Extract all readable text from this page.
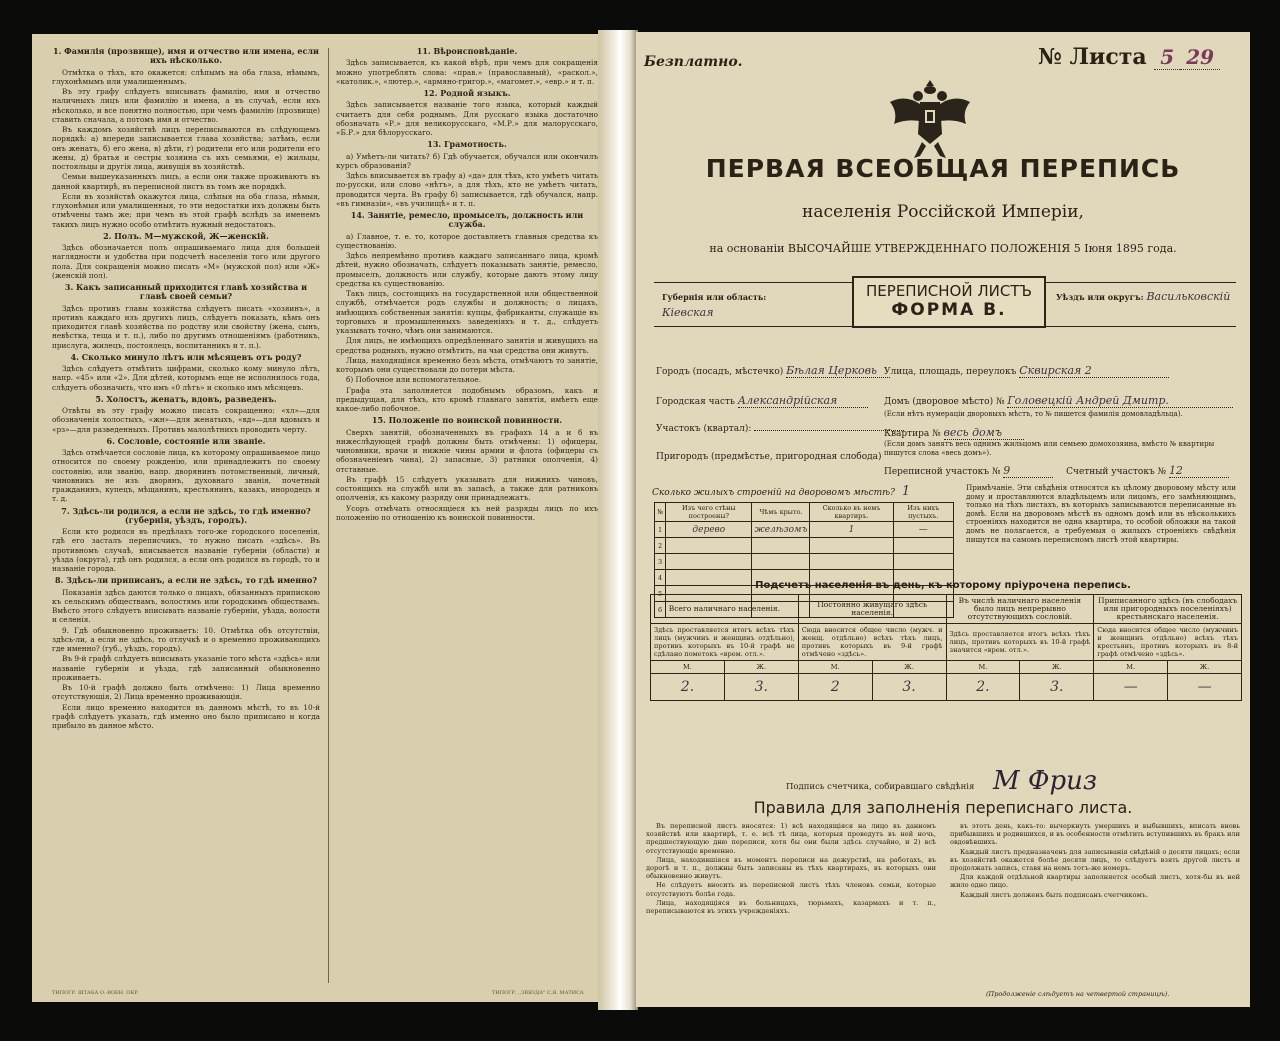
1. Фамилія (прозвище), имя и отчество или имена, если ихъ нѣсколько.

Отмѣтка о тѣхъ, кто окажется: слѣпымъ на оба глаза, нѣмымъ, глухонѣмымъ или умалишеннымъ.

Въ эту графу слѣдуетъ вписывать фамилію, имя и отчество наличныхъ лицъ или фамилію и имена, а въ случаѣ, если ихъ нѣсколько, и все понятно полностью, при чемъ фамилію (прозвище) ставить сначала, а потомъ имя и отчество.

Въ каждомъ хозяйствѣ лицъ переписываются въ слѣдующемъ порядкѣ: а) впереди записывается глава хозяйства; затѣмъ, если онъ женатъ, б) его жена, в) дѣти, г) родители его или родители его жены, д) братья и сестры хозяина съ ихъ семьями, е) жильцы, постояльцы и другія лица, живущія въ хозяйствѣ.

Семьи вышеуказанныхъ лицъ, а если они также проживаютъ въ данной квартирѣ, въ переписной листъ въ томъ же порядкѣ.

Если въ хозяйствѣ окажутся лица, слѣпыя на оба глаза, нѣмыя, глухонѣмыя или умалишенныя, то эти недостатки ихъ должны быть отмѣчены тамъ же; при чемъ въ этой графѣ вслѣдъ за именемъ такихъ лицъ нужно особо отмѣтить нужный недостатокъ.

2. Полъ. М—мужской, Ж—женскій.

Здѣсь обозначается полъ опрашиваемаго лица для большей наглядности и удобства при подсчетѣ населенія того или другого пола. Для сокращенія можно писать «М» (мужской пол) или «Ж» (женскій пол).

3. Какъ записанный приходится главѣ хозяйства и главѣ своей семьи?

Здѣсь противъ главы хозяйства слѣдуетъ писать «хозяинъ», а противъ каждаго изъ другихъ лицъ, слѣдуетъ показать, кѣмъ онъ приходится главѣ хозяйства по родству или свойству (жена, сынъ, невѣстка, теща и т. п.), либо по другимъ отношеніямъ (работникъ, прислуга, жилецъ, постоялецъ, воспитанникъ и т. п.).

4. Сколько минуло лѣтъ или мѣсяцевъ отъ роду?

Здѣсь слѣдуетъ отмѣтить цифрами, сколько кому минуло лѣтъ, напр. «45» или «2». Для дѣтей, которымъ еще не исполнилось года, слѣдуетъ обозначить, что имъ «0 лѣтъ» и сколько имъ мѣсяцевъ.

5. Холостъ, женатъ, вдовъ, разведенъ.

Отвѣты въ эту графу можно писать сокращенно: «хл»—для обозначенія холостыхъ, «жн»—для женатыхъ, «вд»—для вдовыхъ и «рз»—для разведенныхъ. Противъ малолѣтнихъ проводить черту.

6. Сословіе, состояніе или званіе.

Здѣсь отмѣчается сословіе лица, къ которому опрашиваемое лицо относится по своему рожденію, или принадлежитъ по своему состоянію, или званію, напр. дворянинъ потомственный, личный, чиновникъ не изъ дворянъ, духовнаго званія, почетный гражданинъ, купецъ, мѣщанинъ, крестьянинъ, казакъ, инородецъ и т. д.

7. Здѣсь-ли родился, а если не здѣсь, то гдѣ именно? (губернія, уѣздъ, городъ).

Если кто родился въ предѣлахъ того-же городского поселенія, гдѣ его засталъ переписчикъ, то нужно писать «здѣсь». Въ противномъ случаѣ, вписывается названіе губерніи (области) и уѣзда (округа), гдѣ онъ родился, а если онъ родился въ городѣ, то и названіе города.

8. Здѣсь-ли приписанъ, а если не здѣсь, то гдѣ именно?

Показанія здѣсь даются только о лицахъ, обязанныхъ припискою къ сельскимъ обществамъ, волостямъ или городскимъ обществамъ. Вмѣсто этого слѣдуетъ вписывать названіе губерніи, уѣзда, волости и селенія.

9. Гдѣ обыкновенно проживаетъ: 10. Отмѣтка объ отсутствіи, здѣсь-ли, а если не здѣсь, то отлучкѣ и о временно проживающихъ где именно? (губ., уѣздъ, городъ).

Въ 9-й графѣ слѣдуетъ вписывать указаніе того мѣста «здѣсь» или названіе губерніи и уѣзда, гдѣ записанный обыкновенно проживаетъ.

Въ 10-й графѣ должно быть отмѣчено: 1) Лица временно отсутствующія, 2) Лица временно проживающія.

Если лицо временно находится въ данномъ мѣстѣ, то въ 10-й графѣ слѣдуетъ указать, гдѣ именно оно было приписано и когда прибыло въ данное мѣсто.

11. Вѣроисповѣданіе.

Здѣсь записывается, къ какой вѣрѣ, при чемъ для сокращенія можно употреблять слова: «прав.» (православный), «раскол.», «католик.», «лютер.», «армяно-григор.», «магомет.», «евр.» и т. п.

12. Родной языкъ.

Здѣсь записывается названіе того языка, который каждый считаетъ для себя роднымъ. Для русскаго языка достаточно обозначать «Р.» для великорусскаго, «М.Р.» для малорусскаго, «Б.Р.» для бѣлорусскаго.

13. Грамотность.

а) Умѣетъ-ли читать? б) Гдѣ обучается, обучался или окончилъ курсъ образованія?

Здѣсь вписывается въ графу а) «да» для тѣхъ, кто умѣетъ читать по-русски, или слово «нѣтъ», а для тѣхъ, кто не умѣетъ читать, проводится черта. Въ графу б) записывается, гдѣ обучался, напр. «въ гимназіи», «въ училищѣ» и т. п.

14. Занятіе, ремесло, промыселъ, должность или служба.

а) Главное, т. е. то, которое доставляетъ главныя средства къ существованію.

Здѣсь непремѣнно противъ каждаго записаннаго лица, кромѣ дѣтей, нужно обозначать, слѣдуетъ показывать занятіе, ремесло, промыселъ, должность или службу, которые даютъ этому лицу средства къ существованію.

Такъ лицъ, состоящихъ на государственной или общественной службѣ, отмѣчается родъ службы и должность; о лицахъ, имѣющихъ собственныя занятія: купцы, фабриканты, служащіе въ торговыхъ и промышленныхъ заведеніяхъ и т. д., слѣдуетъ указывать точно, чѣмъ они занимаются.

Для лицъ, не имѣющихъ опредѣленнаго занятія и живущихъ на средства родныхъ, нужно отмѣтить, на чьи средства они живутъ.

Лица, находящіяся временно безъ мѣста, отмѣчаютъ то занятіе, которымъ они существовали до потери мѣста.

б) Побочное или вспомогательное.

Графа эта заполняется подобнымъ образомъ, какъ и предыдущая, для тѣхъ, кто кромѣ главнаго занятія, имѣетъ еще какое-либо побочное.

15. Положеніе по воинской повинности.

Сверхъ занятій, обозначенныхъ въ графахъ 14 а и б въ нижеслѣдующей графѣ должны быть отмѣчены: 1) офицеры, чиновники, врачи и нижніе чины армии и флота (офицеры съ обозначеніемъ чина), 2) запасные, 3) ратники ополченія, 4) отставные.

Въ графѣ 15 слѣдуетъ указывать для нижнихъ чиновъ, состоящихъ на службѣ или въ запасѣ, а также для ратниковъ ополченія, къ какому разряду они принадлежатъ.

Усоръ отмѣчать относящіеся къ ней разряды лицъ по ихъ положенію по отношенію къ воинской повинности.

ТИПОГР. ШТАБА О.-ВОЕН. ОКР.	ТИПОГР. ,,ЗВЯЗДА" С.Я. МАТИСА
Безплатно.	№ Листа 5 29
ПЕРВАЯ ВСЕОБЩАЯ ПЕРЕПИСЬ
населенія Россійской Имперіи,
на основаніи ВЫСОЧАЙШЕ УТВЕРЖДЕННАГО ПОЛОЖЕНІЯ 5 Іюня 1895 года.
Губернія или область:
Кіевская
ПЕРЕПИСНОЙ ЛИСТЪ
ФОРМА В.
Уѣздъ или округъ: Васильковскій
Городъ (посадъ, мѣстечко) Бѣлая Церковь Улица, площадь, переулокъ Сквирская 2
Городская часть Александрійская	Домъ (дворовое мѣсто) № Головецкій Андрей Дмитр.
(Если нѣтъ нумераціи дворовыхъ мѣстъ, то № пишется фамилія домовладѣльца).
Участокъ (квартал):	Квартира № весь домъ
(Если домъ занятъ весь однимъ жильцомъ или семьею домохозяина, вмѣсто № квартиры пишутся слова «весь домъ»).
Пригородъ (предмѣстье, пригородная слобода)
Переписной участокъ № 9	Счетный участокъ № 12
Сколько жилыхъ строеній на дворовомъ мѣстѣ? 1
№	Изъ чего стѣны построены?	Чѣмъ крыто.	Сколько въ немъ квартиръ.	Изъ нихъ пустыхъ.
1	дерево	желѣзомъ	1	—
2				
3				
4				
5				
6				
Примѣчаніе. Эти свѣдѣнія относятся къ цѣлому дворовому мѣсту или дому и проставляются владѣльцемъ или лицомъ, его замѣняющимъ, только на тѣхъ листахъ, въ которыхъ записываются переписанные въ домѣ. Если на дворовомъ мѣстѣ въ одномъ домѣ или въ нѣсколькихъ строеніяхъ находится не одна квартира, то особой обложки на такой домъ не полагается, а требуемыя о жилыхъ строеніяхъ свѣдѣнія пишутся на самомъ переписномъ листѣ этой квартиры.
Подсчетъ населенія въ день, къ которому пріурочена перепись.
Всего наличнаго населенія.		Постоянно живущаго здѣсь населенія.		Въ числѣ наличнаго населенія было лицъ непрерывно отсутствующихъ сословій.		Приписанного здѣсь (въ слободахъ или пригородныхъ поселеніяхъ) крестьянскаго населенія.	
Здѣсь проставляется итогъ всѣхъ тѣхъ лицъ (мужчинъ и женщинъ отдѣльно), противъ которыхъ въ 10-й графѣ не сдѣлано пометокъ «врем. отл.».		Сюда вносится общее число (мужч. и женщ. отдѣльно) всѣхъ тѣхъ лицъ, противъ которыхъ въ 9-й графѣ отмѣчено «здѣсь».		Здѣсь проставляется итогъ всѣхъ тѣхъ лицъ, противъ которыхъ въ 10-й графѣ значится «врем. отл.».		Сюда вносится общее число (мужчинъ и женщинъ отдѣльно) всѣхъ тѣхъ крестьянъ, противъ которыхъ въ 8-й графѣ отмѣчено «здѣсь».	
М.	Ж.	М.	Ж.	М.	Ж.	М.	Ж.
2.	3.	2	3.	2.	3.	—	—
Подпись счетчика, собиравшаго свѣдѣнія М Фриз
Правила для заполненія переписнаго листа.

Въ переписной листъ вносятся: 1) всѣ находящіяся на лицо въ данномъ хозяйствѣ или квартирѣ, т. е. всѣ тѣ лица, которыя проведутъ въ ней ночь, предшествующую дню переписи, хотя бы они были здѣсь случайно, и 2) всѣ отсутствующіе временно.

Лица, находившіяся въ моментъ переписи на дежурствѣ, на работахъ, въ дорогѣ и т. п., должны быть записаны въ тѣхъ квартирахъ, въ которыхъ они обыкновенно живутъ.

Не слѣдуетъ вносить въ переписной листъ тѣхъ членовъ семьи, которые отсутствуютъ болѣе года.

Лица, находящіяся въ больницахъ, тюрьмахъ, казармахъ и т. п., переписываются въ этихъ учрежденіяхъ.

въ этотъ день, какъ-то: вычеркнуть умершихъ и выбывшихъ, вписать вновь прибывшихъ и родившихся, и въ особенности отмѣтить вступившихъ въ бракъ или овдовѣвшихъ.

Каждый листъ предназначенъ для записыванія свѣдѣній о десяти лицахъ; если въ хозяйствѣ окажется болѣе десяти лицъ, то слѣдуетъ взять другой листъ и продолжать запись, ставя на немъ тотъ-же номеръ.

Для каждой отдѣльной квартиры заполняется особый листъ, хотя-бы въ ней жило одно лицо.

Каждый листъ долженъ быть подписанъ счетчикомъ.

(Продолженіе слѣдуетъ на четвертой страницѣ).
